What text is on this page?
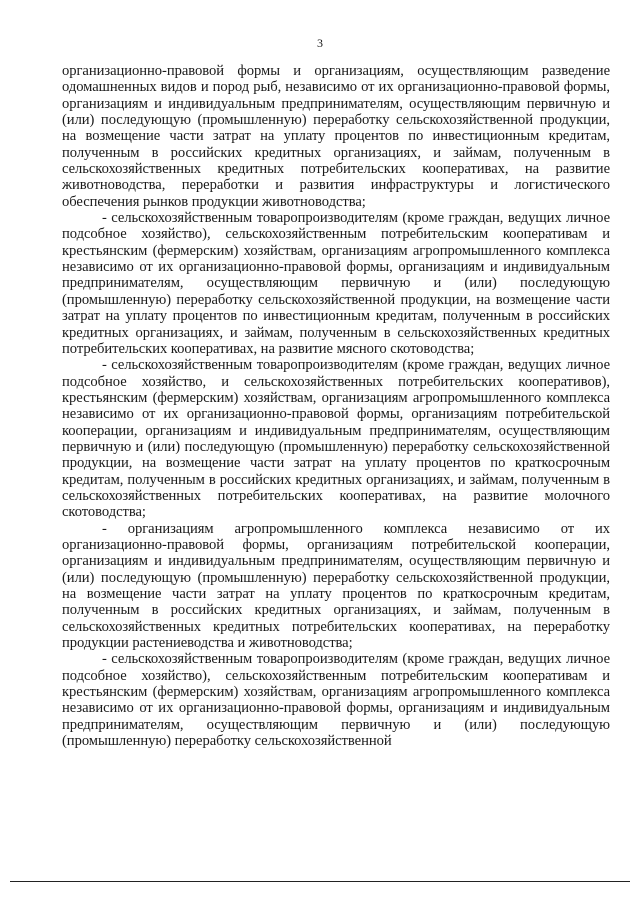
3

организационно-правовой формы и организациям, осуществляющим разведение одомашненных видов и пород рыб, независимо от их организационно-правовой формы, организациям и индивидуальным предпринимателям, осуществляющим первичную и (или) последующую (промышленную) переработку сельскохозяйственной продукции, на возмещение части затрат на уплату процентов по инвестиционным кредитам, полученным в российских кредитных организациях, и займам, полученным в сельскохозяйственных кредитных потребительских кооперативах, на развитие животноводства, переработки и развития инфраструктуры и логистического обеспечения рынков продукции животноводства;

- сельскохозяйственным товаропроизводителям (кроме граждан, ведущих личное подсобное хозяйство), сельскохозяйственным потребительским кооперативам и крестьянским (фермерским) хозяйствам, организациям агропромышленного комплекса независимо от их организационно-правовой формы, организациям и индивидуальным предпринимателям, осуществляющим первичную и (или) последующую (промышленную) переработку сельскохозяйственной продукции, на возмещение части затрат на уплату процентов по инвестиционным кредитам, полученным в российских кредитных организациях, и займам, полученным в сельскохозяйственных кредитных потребительских кооперативах, на развитие мясного скотоводства;

- сельскохозяйственным товаропроизводителям (кроме граждан, ведущих личное подсобное хозяйство, и сельскохозяйственных потребительских кооперативов), крестьянским (фермерским) хозяйствам, организациям агропромышленного комплекса независимо от их организационно-правовой формы, организациям потребительской кооперации, организациям и индивидуальным предпринимателям, осуществляющим первичную и (или) последующую (промышленную) переработку сельскохозяйственной продукции, на возмещение части затрат на уплату процентов по краткосрочным кредитам, полученным в российских кредитных организациях, и займам, полученным в сельскохозяйственных потребительских кооперативах, на развитие молочного скотоводства;

- организациям агропромышленного комплекса независимо от их организационно-правовой формы, организациям потребительской кооперации, организациям и индивидуальным предпринимателям, осуществляющим первичную и (или) последующую (промышленную) переработку сельскохозяйственной продукции, на возмещение части затрат на уплату процентов по краткосрочным кредитам, полученным в российских кредитных организациях, и займам, полученным в сельскохозяйственных кредитных потребительских кооперативах, на переработку продукции растениеводства и животноводства;

- сельскохозяйственным товаропроизводителям (кроме граждан, ведущих личное подсобное хозяйство), сельскохозяйственным потребительским кооперативам и крестьянским (фермерским) хозяйствам, организациям агропромышленного комплекса независимо от их организационно-правовой формы, организациям и индивидуальным предпринимателям, осуществляющим первичную и (или) последующую (промышленную) переработку сельскохозяйственной
